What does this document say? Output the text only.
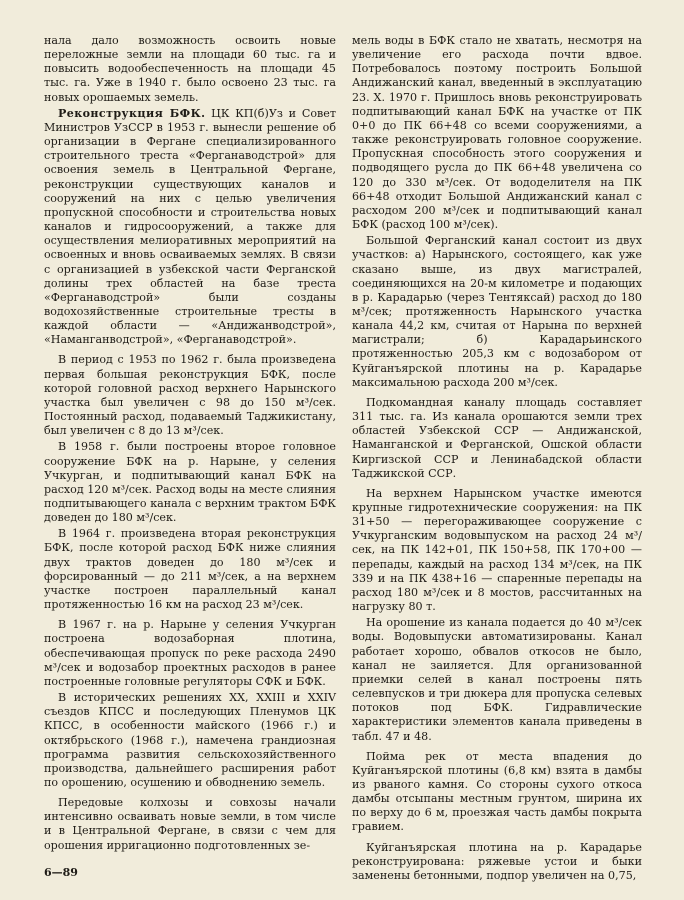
нала дало возможность освоить новые переложные земли на площади 60 тыс. га и повысить водообеспеченность на площади 45 тыс. га. Уже в 1940 г. было освоено 23 тыс. га новых орошаемых земель.

Реконструкция БФК. ЦК КП(б)Уз и Совет Министров УзССР в 1953 г. вынесли решение об организации в Фергане специализированного строительного треста «Ферганаводстрой» для освоения земель в Центральной Фергане, реконструкции существующих каналов и сооружений на них с целью увеличения пропускной способности и строительства новых каналов и гидросооружений, а также для осуществления мелиоративных мероприятий на освоенных и вновь осваиваемых землях. В связи с организацией в узбекской части Ферганской долины трех областей на базе треста «Ферганаводстрой» были созданы водохозяйственные строительные тресты в каждой области — «Андижанводстрой», «Наманганводстрой», «Ферганаводстрой».

В период с 1953 по 1962 г. была произведена первая большая реконструкция БФК, после которой головной расход верхнего Нарынского участка был увеличен с 98 до 150 м³/сек. Постоянный расход, подаваемый Таджикистану, был увеличен с 8 до 13 м³/сек.

В 1958 г. были построены второе головное сооружение БФК на р. Нарыне, у селения Учкурган, и подпитывающий канал БФК на расход 120 м³/сек. Расход воды на месте слияния подпитывающего канала с верхним трактом БФК доведен до 180 м³/сек.

В 1964 г. произведена вторая реконструкция БФК, после которой расход БФК ниже слияния двух трактов доведен до 180 м³/сек и форсированный — до 211 м³/сек, а на верхнем участке построен параллельный канал протяженностью 16 км на расход 23 м³/сек.

В 1967 г. на р. Нарыне у селения Учкурган построена водозаборная плотина, обеспечивающая пропуск по реке расхода 2490 м³/сек и водозабор проектных расходов в ранее построенные головные регуляторы СФК и БФК.

В исторических решениях XX, XXIII и XXIV съездов КПСС и последующих Пленумов ЦК КПСС, в особенности майского (1966 г.) и октябрьского (1968 г.), намечена грандиозная программа развития сельскохозяйственного производства, дальнейшего расширения работ по орошению, осушению и обводнению земель.

Передовые колхозы и совхозы начали интенсивно осваивать новые земли, в том числе и в Центральной Фергане, в связи с чем для орошения ирригационно подготовленных зе-

мель воды в БФК стало не хватать, несмотря на увеличение его расхода почти вдвое. Потребовалось поэтому построить Большой Андижанский канал, введенный в эксплуатацию 23. X. 1970 г. Пришлось вновь реконструировать подпитывающий канал БФК на участке от ПК 0+0 до ПК 66+48 со всеми сооружениями, а также реконструировать головное сооружение. Пропускная способность этого сооружения и подводящего русла до ПК 66+48 увеличена со 120 до 330 м³/сек. От вододелителя на ПК 66+48 отходит Большой Андижанский канал с расходом 200 м³/сек и подпитывающий канал БФК (расход 100 м³/сек).

Большой Ферганский канал состоит из двух участков: а) Нарынского, состоящего, как уже сказано выше, из двух магистралей, соединяющихся на 20-м километре и подающих в р. Карадарью (через Тентяксай) расход до 180 м³/сек; протяженность Нарынского участка канала 44,2 км, считая от Нарына по верхней магистрали; б) Карадарьинского протяженностью 205,3 км с водозабором от Куйганъярской плотины на р. Карадарье максимальною расхода 200 м³/сек.

Подкомандная каналу площадь составляет 311 тыс. га. Из канала орошаются земли трех областей Узбекской ССР — Андижанской, Наманганской и Ферганской, Ошской области Киргизской ССР и Ленинабадской области Таджикской ССР.

На верхнем Нарынском участке имеются крупные гидротехнические сооружения: на ПК 31+50 — перегораживающее сооружение с Учкурганским водовыпуском на расход 24 м³/сек, на ПК 142+01, ПК 150+58, ПК 170+00 — перепады, каждый на расход 134 м³/сек, на ПК 339 и на ПК 438+16 — спаренные перепады на расход 180 м³/сек и 8 мостов, рассчитанных на нагрузку 80 т.

На орошение из канала подается до 40 м³/сек воды. Водовыпуски автоматизированы. Канал работает хорошо, обвалов откосов не было, канал не заиляется. Для организованной приемки селей в канал построены пять селевпусков и три дюкера для пропуска селевых потоков под БФК. Гидравлические характеристики элементов канала приведены в табл. 47 и 48.

Пойма рек от места впадения до Куйганъярской плотины (6,8 км) взята в дамбы из рваного камня. Со стороны сухого откоса дамбы отсыпаны местным грунтом, ширина их по верху до 6 м, проезжая часть дамбы покрыта гравием.

Куйганъярская плотина на р. Карадарье реконструирована: ряжевые устои и быки заменены бетонными, подпор увеличен на 0,75,

6—89
